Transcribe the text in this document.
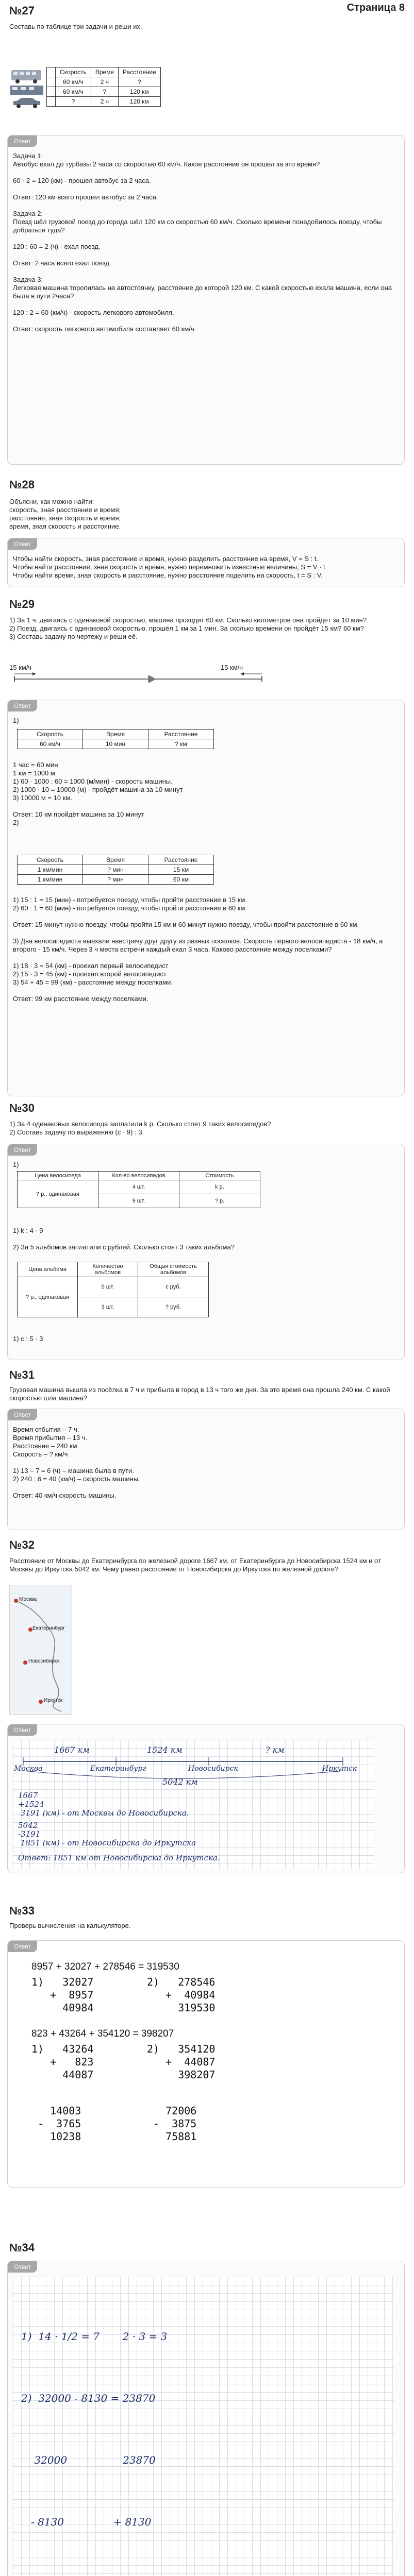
Страница 8
№27
Составь по таблице три задачи и реши их.
	Скорость	Время	Расстояние
	60 км/ч	2 ч	?
	60 км/ч	?	120 км
	?	2 ч	120 км
Ответ
Задача 1:
Автобус ехал до турбазы 2 часа со скоростью 60 км/ч. Какое расстояние он прошел за это время?

60 · 2 = 120 (км) - прошел автобус за 2 часа.

Ответ: 120 км всего прошел автобус за 2 часа.

Задача 2:
Поезд шёл грузовой поезд до города шёл 120 км со скоростью 60 км/ч. Сколько времени понадобилось поезду, чтобы добраться туда?

120 : 60 = 2 (ч) - ехал поезд.

Ответ: 2 часа всего ехал поезд.

Задача 3:
Легковая машина торопилась на автостоянку, расстояние до которой 120 км. С какой скоростью ехала машина, если она была в пути 2часа?

120 : 2 = 60 (км/ч) - скорость легкового автомобиля.

Ответ: скорость легкового автомобиля составляет 60 км/ч.
№28
Объясни, как можно найти:
скорость, зная расстояние и время;
расстояние, зная скорость и время;
время, зная скорость и расстояние.
Ответ
Чтобы найти скорость, зная расстояние и время, нужно разделить расстояние на время, V = S : t.
Чтобы найти расстояние, зная скорость и время, нужно перемножить известные величины, S = V · t.
Чтобы найти время, зная скорость и расстояние, нужно расстояние поделить на скорость, t = S : V.
№29
1) За 1 ч. двигаясь с одинаковой скоростью, машина проходит 60 км. Сколько километров она пройдёт за 10 мин?
2) Поезд, двигаясь с одинаковой скоростью, прошёл 1 км за 1 мин. За сколько времени он пройдёт 15 км? 60 км?
3) Составь задачу по чертежу и реши её.
15 км/ч	15 км/ч
Ответ
1)
Скорость	Время	Расстояние
60 км/ч	10 мин	? км
1 час = 60 мин
1 км = 1000 м
1) 60 · 1000 : 60 = 1000 (м/мин) - скорость машины.
2) 1000 · 10 = 10000 (м) - пройдёт машина за 10 минут
3) 10000 м = 10 км.

Ответ: 10 км пройдёт машина за 10 минут
2)
Скорость	Время	Расстояние
1 км/мин	? мин	15 км
1 км/мин	? мин	60 км
1) 15 : 1 = 15 (мин) - потребуется поезду, чтобы пройти расстояние в 15 км.
2) 60 : 1 = 60 (мин) - потребуется поезду, чтобы пройти расстояние в 60 км.

Ответ: 15 минут нужно поезду, чтобы пройти 15 км и 60 минут нужно поезду, чтобы пройти расстояние в 60 км.

3) Два велосипедиста выехали навстречу друг другу из разных поселков. Скорость первого велосипедиста - 18 км/ч, а второго - 15 км/ч. Через 3 ч места встречи каждый ехал 3 часа. Каково расстояние между поселками?

1) 18 · 3 = 54 (км) - проехал первый велосипедист
2) 15 · 3 = 45 (км) - проехал второй велосипедист
3) 54 + 45 = 99 (км) - расстояние между поселками.

Ответ: 99 км расстояние между поселками.
№30
1) За 4 одинаковых велосипеда заплатили k р. Сколько стоят 9 таких велосипедов?
2) Составь задачу по выражению (с · 9) : 3.
Ответ
1)
Цена велосипеда	Кол-во велосипедов	Стоимость
? р., одинаковая	4 шт.	k р.
	9 шт.	? р.
1) k : 4 · 9

2) За 5 альбомов заплатили с рублей. Сколько стоят 3 таких альбома?
Цена альбома	Количество альбомов	Общая стоимость альбомов
? р., одинаковая	5 шт.	с руб.
	3 шт.	? руб.
1) с : 5 · 3
№31
Грузовая машина вышла из посёлка в 7 ч и прибыла в город в 13 ч того же дня. За это время она прошла 240 км. С какой скоростью шла машина?
Ответ
Время отбытия – 7 ч.
Время прибытия – 13 ч.
Расстояние – 240 км
Скорость – ? км/ч

1) 13 – 7 = 6 (ч) – машина была в пути.
2) 240 : 6 = 40 (км/ч) – скорость машины.

Ответ: 40 км/ч скорость машины.
№32
Расстояние от Москвы до Екатеринбурга по железной дороге 1667 км, от Екатеринбурга до Новосибирска 1524 км и от Москвы до Иркутска 5042 км. Чему равно расстояние от Новосибирска до Иркутска по железной дороге?
Москва
Екатеринбург
Новосибирск
Иркутск
Ответ
1667 км	1524 км	? км
Москва	Екатеринбург	Новосибирск	Иркутск
5042 км
1667
+1524
3191 (км) - от Москвы до Новосибирска.
5042
-3191
1851 (км) - от Новосибирска до Иркутска
Ответ: 1851 км от Новосибирска до Иркутска.
№33
Проверь вычисления на калькуляторе.
Ответ
8957 + 32027 + 278546 = 319530
1)   32027
+  8957
40984
2)   278546
+  40984
319530
823 + 43264 + 354120 = 398207
1)   43264
+   823
44087
2)   354120
+  44087
398207
14003
-  3765
10238
72006
-  3875
75881
№34
Ответ

1)  14 · 1/2 = 7       2 · 3 = 3

2)  32000 - 8130 = 23870

32000                 23870

- 8130               + 8130
